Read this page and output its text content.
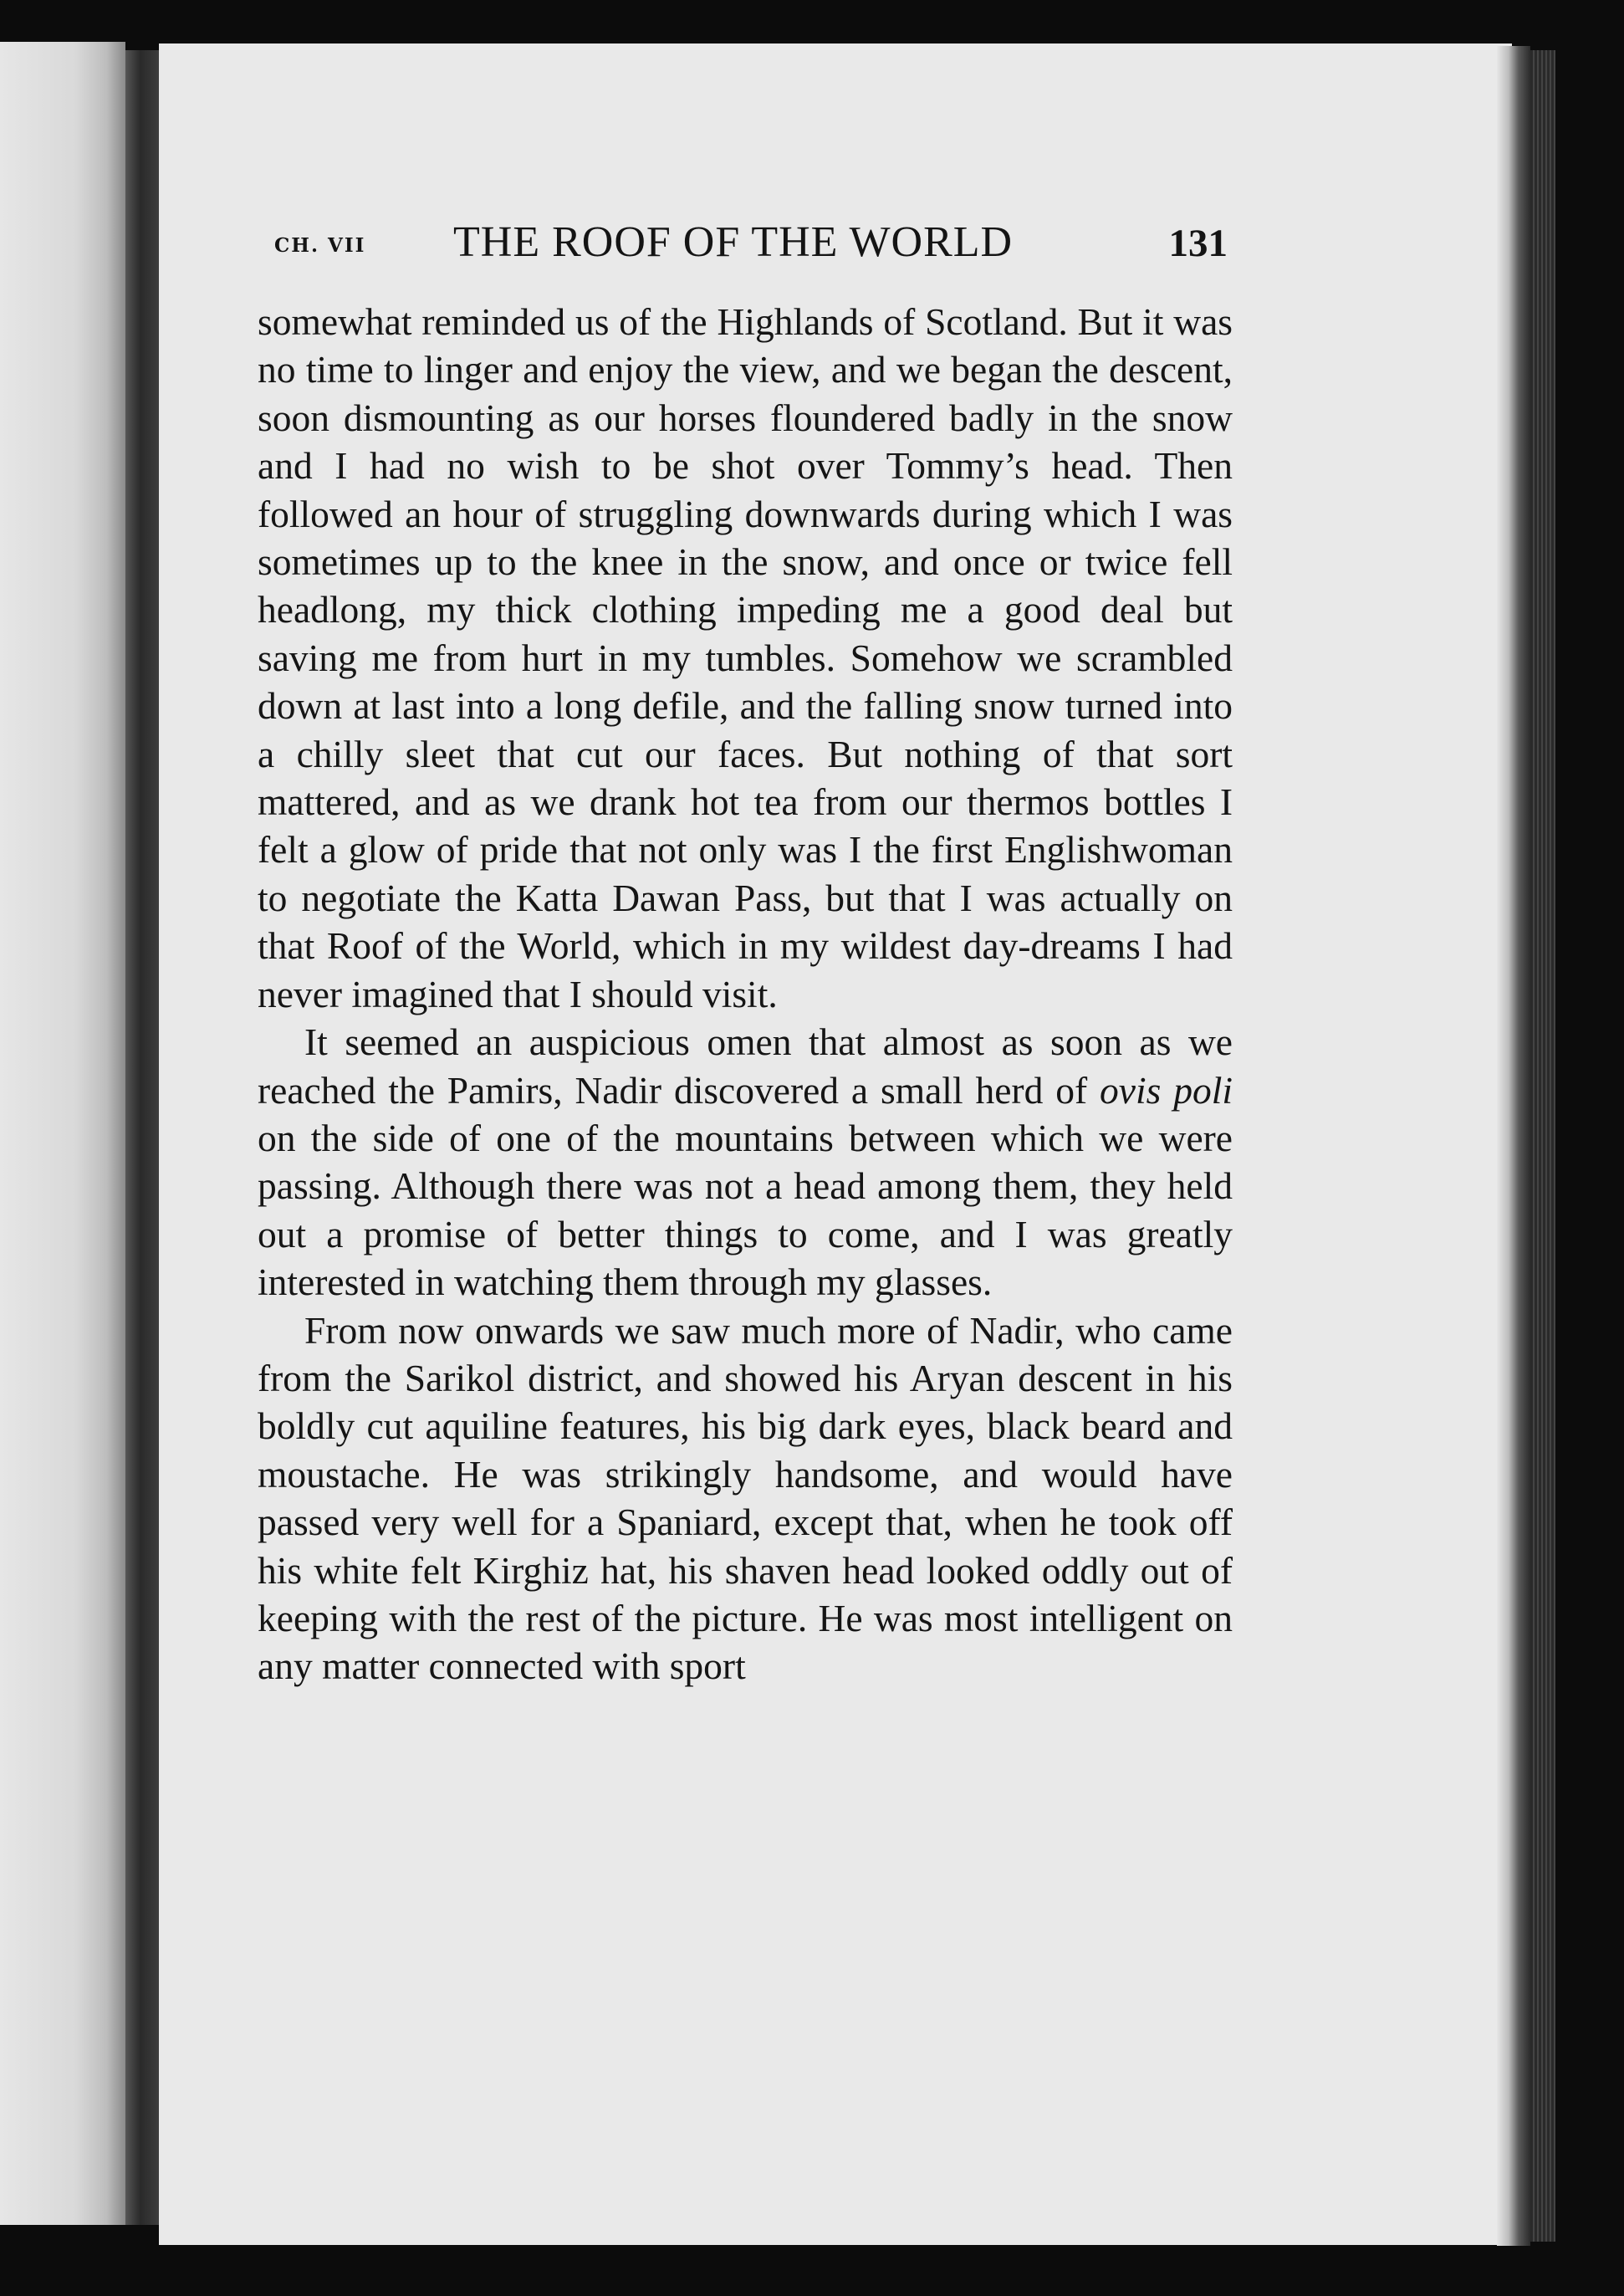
CH. VII THE ROOF OF THE WORLD	131

somewhat reminded us of the Highlands of Scotland. But it was no time to linger and enjoy the view, and we began the descent, soon dismounting as our horses floundered badly in the snow and I had no wish to be shot over Tommy’s head. Then followed an hour of struggling downwards during which I was sometimes up to the knee in the snow, and once or twice fell headlong, my thick clothing impeding me a good deal but saving me from hurt in my tumbles. Somehow we scrambled down at last into a long defile, and the falling snow turned into a chilly sleet that cut our faces. But nothing of that sort mattered, and as we drank hot tea from our thermos bottles I felt a glow of pride that not only was I the first Englishwoman to negotiate the Katta Dawan Pass, but that I was actually on that Roof of the World, which in my wildest day-dreams I had never imagined that I should visit.

It seemed an auspicious omen that almost as soon as we reached the Pamirs, Nadir discovered a small herd of ovis poli on the side of one of the mountains between which we were passing. Although there was not a head among them, they held out a promise of better things to come, and I was greatly interested in watching them through my glasses.

From now onwards we saw much more of Nadir, who came from the Sarikol district, and showed his Aryan descent in his boldly cut aquiline features, his big dark eyes, black beard and moustache. He was strikingly handsome, and would have passed very well for a Spaniard, except that, when he took off his white felt Kirghiz hat, his shaven head looked oddly out of keeping with the rest of the picture. He was most intelligent on any matter connected with sport
